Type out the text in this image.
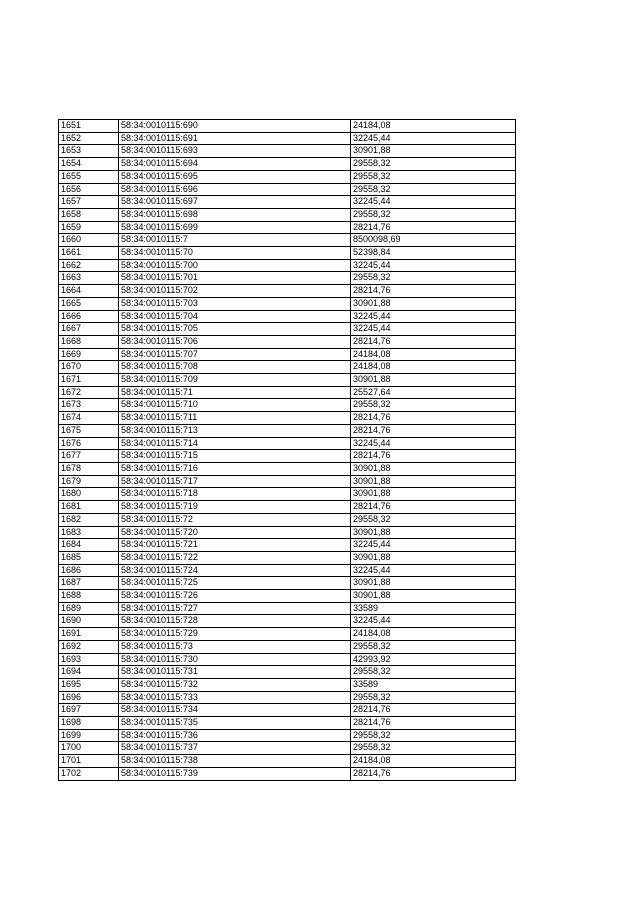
1651	58:34:0010115:690	24184,08
1652	58:34:0010115:691	32245,44
1653	58:34:0010115:693	30901,88
1654	58:34:0010115:694	29558,32
1655	58:34:0010115:695	29558,32
1656	58:34:0010115:696	29558,32
1657	58:34:0010115:697	32245,44
1658	58:34:0010115:698	29558,32
1659	58:34:0010115:699	28214,76
1660	58:34:0010115:7	8500098,69
1661	58:34:0010115:70	52398,84
1662	58:34:0010115:700	32245,44
1663	58:34:0010115:701	29558,32
1664	58:34:0010115:702	28214,76
1665	58:34:0010115:703	30901,88
1666	58:34:0010115:704	32245,44
1667	58:34:0010115:705	32245,44
1668	58:34:0010115:706	28214,76
1669	58:34:0010115:707	24184,08
1670	58:34:0010115:708	24184,08
1671	58:34:0010115:709	30901,88
1672	58:34:0010115:71	25527,64
1673	58:34:0010115:710	29558,32
1674	58:34:0010115:711	28214,76
1675	58:34:0010115:713	28214,76
1676	58:34:0010115:714	32245,44
1677	58:34:0010115:715	28214,76
1678	58:34:0010115:716	30901,88
1679	58:34:0010115:717	30901,88
1680	58:34:0010115:718	30901,88
1681	58:34:0010115:719	28214,76
1682	58:34:0010115:72	29558,32
1683	58:34:0010115:720	30901,88
1684	58:34:0010115:721	32245,44
1685	58:34:0010115:722	30901,88
1686	58:34:0010115:724	32245,44
1687	58:34:0010115:725	30901,88
1688	58:34:0010115:726	30901,88
1689	58:34:0010115:727	33589
1690	58:34:0010115:728	32245,44
1691	58:34:0010115:729	24184,08
1692	58:34:0010115:73	29558,32
1693	58:34:0010115:730	42993,92
1694	58:34:0010115:731	29558,32
1695	58:34:0010115:732	33589
1696	58:34:0010115:733	29558,32
1697	58:34:0010115:734	28214,76
1698	58:34:0010115:735	28214,76
1699	58:34:0010115:736	29558,32
1700	58:34:0010115:737	29558,32
1701	58:34:0010115:738	24184,08
1702	58:34:0010115:739	28214,76
